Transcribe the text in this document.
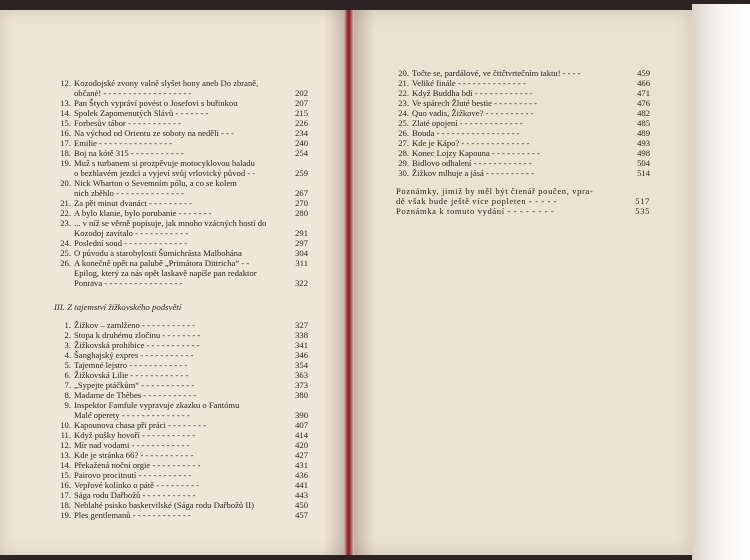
12. Kozodojské zvony valně slyšet hony aneb Do zbraně,
občané! - - - - - - - - - - - - - - - - - -	202
13. Pan Štych vypráví povést o Josefovi s buřinkou	207
14. Spolek Zapomenutých Slávů - - - - - - -	215
15. Forbesův tábor - - - - - - - - - - -	226
16. Na východ od Orientu ze soboty na neděli - - -	234
17. Emilie - - - - - - - - - - - - - - -	240
18. Boj na kótě 315 - - - - - - - - - - -	254
19. Muž s turbanem si prozpěvuje motocyklovou baladu
o bezhlavém jezdci a vyjeví svůj vrlovický původ - -	259
20. Nick Wharton o Sevemním pólu, a co se kolem
nich zběhlo - - - - - - - - - - - - - -	267
21. Za pět minut dvanáct - - - - - - - - -	270
22. A bylo klanie, bylo porubanie - - - - - - -	280
23. ... v níž se věrně popisuje, jak mnoho vzácných hostí do
Kozodoj zavítalo - - - - - - - - - - -	291
24. Poslední soud - - - - - - - - - - - - -	297
25. O původu a starobylosti Šumichrásta Malbohána	304
26. A konečně opět na palubě „Primátora Dittricha“ - -	311
Epilog, který za nás opět laskavě napíše pan redaktor
Ponrava - - - - - - - - - - - - - - - -	322
III. Z tajemství žižkovského podsvětí
1. Žižkov – zamlženo - - - - - - - - - - -	327
2. Stopa k druhému zločinu - - - - - - - -	338
3. Žižkovská prohibice - - - - - - - - - - -	341
4. Šanghajský expres - - - - - - - - - - -	346
5. Tajemné lejstro - - - - - - - - - - - -	354
6. Žižkovská Lilie - - - - - - - - - - - -	363
7. „Sypejte ptáčkům“ - - - - - - - - - - -	373
8. Madame de Thèbes - - - - - - - - - - -	380
9. Inspektor Famfule vypravuje zkazku o Fantómu
Malé operety - - - - - - - - - - - - - -	390
10. Kapounova chasa při práci - - - - - - - -	407
11. Když pušky hovoří - - - - - - - - - - -	414
12. Mír nad vodami - - - - - - - - - - - -	420
13. Kde je stránka 66? - - - - - - - - - - -	427
14. Překažená noční orgie - - - - - - - - - -	431
15. Pairovo procitnutí - - - - - - - - - - -	436
16. Vepřové kolínko o pátě - - - - - - - - -	441
17. Sága rodu Dařbožů - - - - - - - - - - -	443
18. Neblahé psisko baskervilské (Sága rodu Dařbožů II)	450
19. Ples gentlemanů - - - - - - - - - - - -	457
20. Točte se, pardálové, ve čttčtvrtečním taktu! - - - -	459
21. Veliké finále - - - - - - - - - - - - - -	466
22. Když Buddha bdí - - - - - - - - - - - -	471
23. Ve spárech Žluté bestie - - - - - - - - -	476
24. Quo vadis, Žižkove? - - - - - - - - - -	482
25. Zlaté opojení - - - - - - - - - - - - -	485
26. Bouda - - - - - - - - - - - - - - - - -	489
27. Kde je Kápo? - - - - - - - - - - - - - -	493
28. Konec Lojzy Kapouna - - - - - - - - - -	498
29. Bidlovo odhalení - - - - - - - - - - - -	504
30. Žižkov mlhuje a jásá - - - - - - - - - -	514
Poznámky, jimiž by měl být čtenář poučen, vpra-
dě však bude ještě více popleten - - - - -	517
Poznámka k tomuto vydání - - - - - - - -	535
